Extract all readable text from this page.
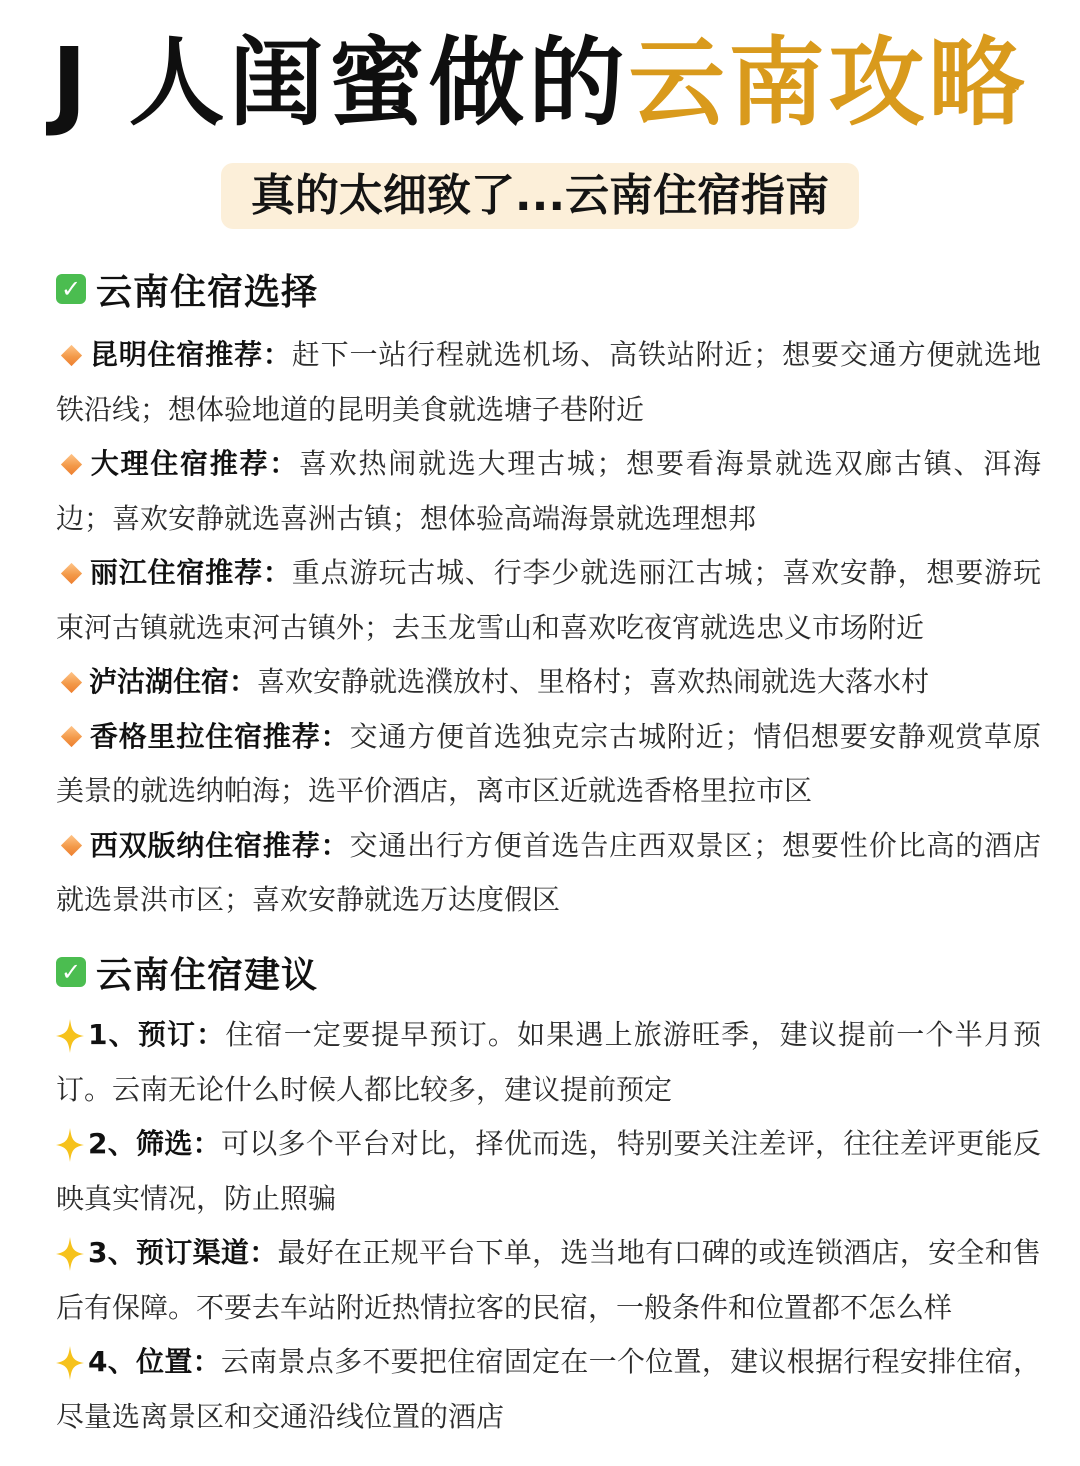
J 人闺蜜做的云南攻略
真的太细致了...云南住宿指南
✓ 云南住宿选择
昆明住宿推荐：赶下一站行程就选机场、高铁站附近；想要交通方便就选地铁沿线；想体验地道的昆明美食就选塘子巷附近
大理住宿推荐：喜欢热闹就选大理古城；想要看海景就选双廊古镇、洱海边；喜欢安静就选喜洲古镇；想体验高端海景就选理想邦
丽江住宿推荐：重点游玩古城、行李少就选丽江古城；喜欢安静，想要游玩束河古镇就选束河古镇外；去玉龙雪山和喜欢吃夜宵就选忠义市场附近
泸沽湖住宿：喜欢安静就选濮放村、里格村；喜欢热闹就选大落水村
香格里拉住宿推荐：交通方便首选独克宗古城附近；情侣想要安静观赏草原美景的就选纳帕海；选平价酒店，离市区近就选香格里拉市区
西双版纳住宿推荐：交通出行方便首选告庄西双景区；想要性价比高的酒店就选景洪市区；喜欢安静就选万达度假区
✓ 云南住宿建议
1、预订：住宿一定要提早预订。如果遇上旅游旺季，建议提前一个半月预订。云南无论什么时候人都比较多，建议提前预定
2、筛选：可以多个平台对比，择优而选，特别要关注差评，往往差评更能反映真实情况，防止照骗
3、预订渠道：最好在正规平台下单，选当地有口碑的或连锁酒店，安全和售后有保障。不要去车站附近热情拉客的民宿，一般条件和位置都不怎么样
4、位置：云南景点多不要把住宿固定在一个位置，建议根据行程安排住宿，尽量选离景区和交通沿线位置的酒店
